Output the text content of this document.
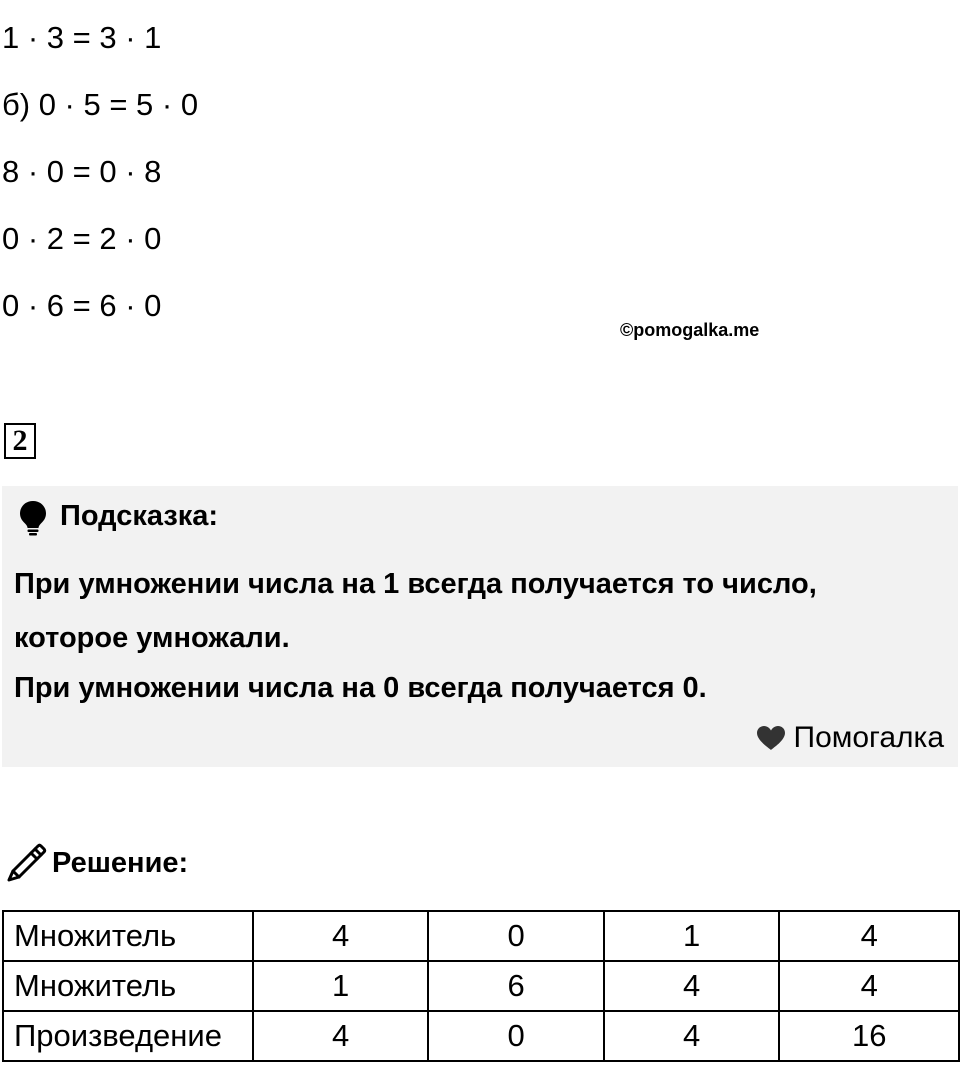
1 · 3 = 3 · 1
б) 0 · 5 = 5 · 0
8 · 0 = 0 · 8
0 · 2 = 2 · 0
0 · 6 = 6 · 0
©pomogalka.me
2
Подсказка:
При умножении числа на 1 всегда получается то число,
которое умножали.
При умножении числа на 0 всегда получается 0.
Помогалка
Решение:
Множитель	4	0	1	4
Множитель	1	6	4	4
Произведение	4	0	4	16
